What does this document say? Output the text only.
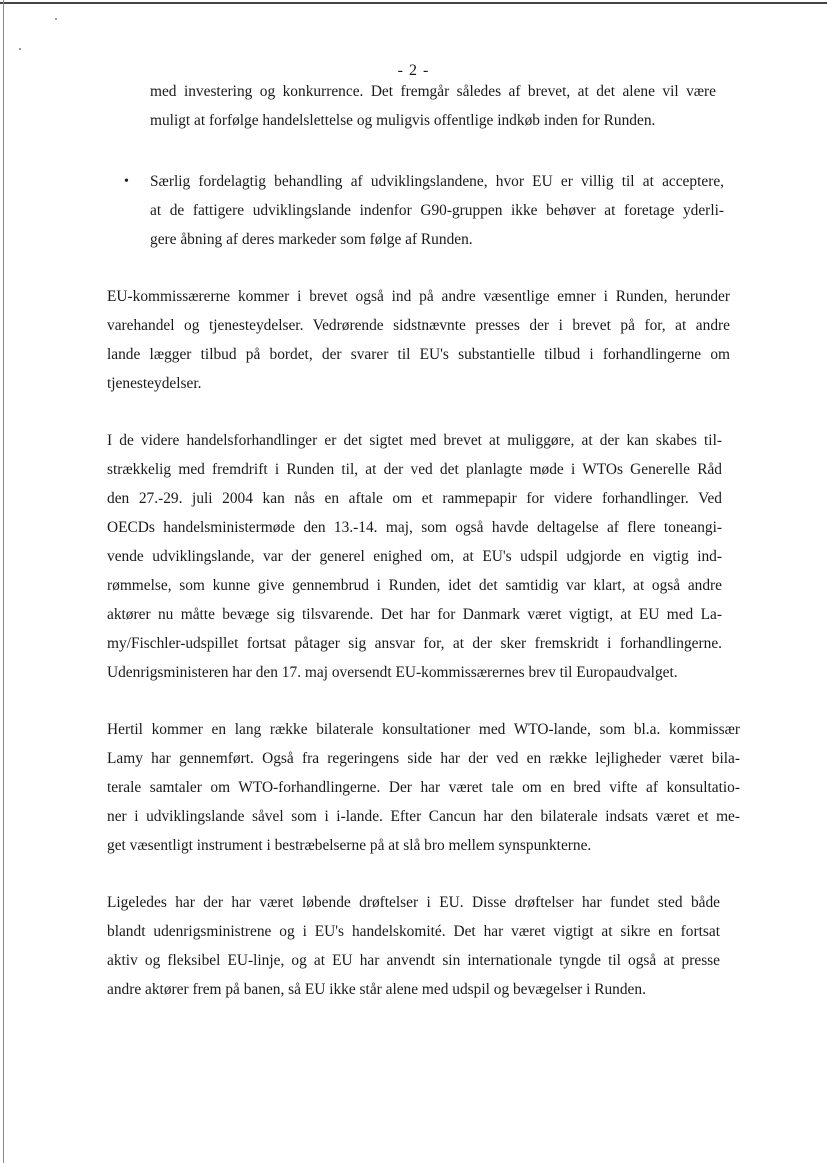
- 2 -
med investering og konkurrence. Det fremgår således af brevet, at det alene vil være
muligt at forfølge handelslettelse og muligvis offentlige indkøb inden for Runden.
• Særlig fordelagtig behandling af udviklingslandene, hvor EU er villig til at acceptere,
at de fattigere udviklingslande indenfor G90-gruppen ikke behøver at foretage yderli-
gere åbning af deres markeder som følge af Runden.
EU-kommissærerne kommer i brevet også ind på andre væsentlige emner i Runden, herunder
varehandel og tjenesteydelser. Vedrørende sidstnævnte presses der i brevet på for, at andre
lande lægger tilbud på bordet, der svarer til EU's substantielle tilbud i forhandlingerne om
tjenesteydelser.
I de videre handelsforhandlinger er det sigtet med brevet at muliggøre, at der kan skabes til-
strækkelig med fremdrift i Runden til, at der ved det planlagte møde i WTOs Generelle Råd
den 27.-29. juli 2004 kan nås en aftale om et rammepapir for videre forhandlinger. Ved
OECDs handelsministermøde den 13.-14. maj, som også havde deltagelse af flere toneangi-
vende udviklingslande, var der generel enighed om, at EU's udspil udgjorde en vigtig ind-
rømmelse, som kunne give gennembrud i Runden, idet det samtidig var klart, at også andre
aktører nu måtte bevæge sig tilsvarende. Det har for Danmark været vigtigt, at EU med La-
my/Fischler-udspillet fortsat påtager sig ansvar for, at der sker fremskridt i forhandlingerne.
Udenrigsministeren har den 17. maj oversendt EU-kommissærernes brev til Europaudvalget.
Hertil kommer en lang række bilaterale konsultationer med WTO-lande, som bl.a. kommissær
Lamy har gennemført. Også fra regeringens side har der ved en række lejligheder været bila-
terale samtaler om WTO-forhandlingerne. Der har været tale om en bred vifte af konsultatio-
ner i udviklingslande såvel som i i-lande. Efter Cancun har den bilaterale indsats været et me-
get væsentligt instrument i bestræbelserne på at slå bro mellem synspunkterne.
Ligeledes har der har været løbende drøftelser i EU. Disse drøftelser har fundet sted både
blandt udenrigsministrene og i EU's handelskomité. Det har været vigtigt at sikre en fortsat
aktiv og fleksibel EU-linje, og at EU har anvendt sin internationale tyngde til også at presse
andre aktører frem på banen, så EU ikke står alene med udspil og bevægelser i Runden.
